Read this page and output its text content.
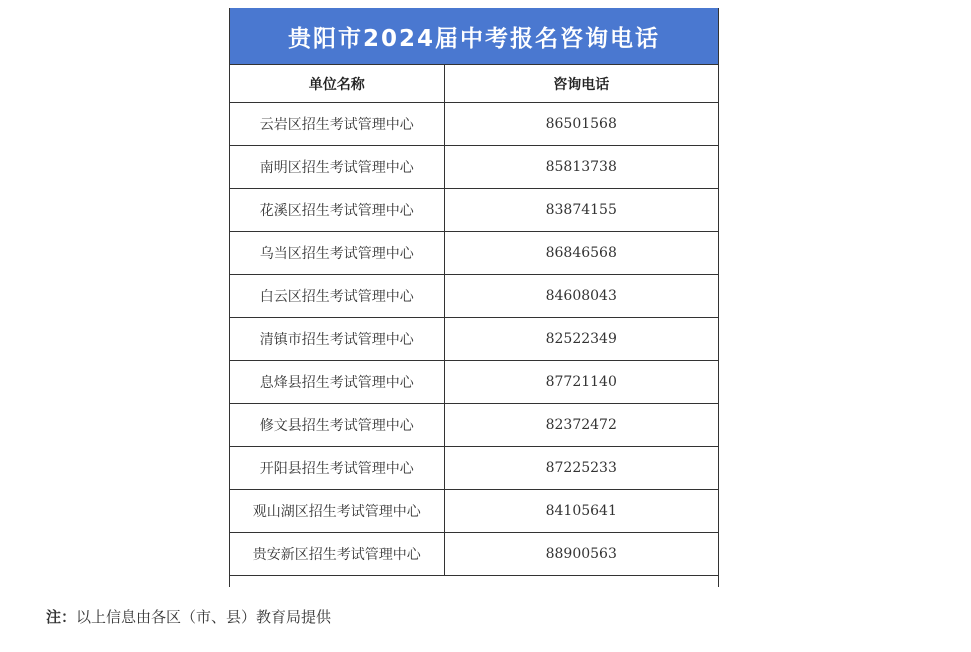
贵阳市2024届中考报名咨询电话
单位名称	咨询电话
云岩区招生考试管理中心	86501568
南明区招生考试管理中心	85813738
花溪区招生考试管理中心	83874155
乌当区招生考试管理中心	86846568
白云区招生考试管理中心	84608043
清镇市招生考试管理中心	82522349
息烽县招生考试管理中心	87721140
修文县招生考试管理中心	82372472
开阳县招生考试管理中心	87225233
观山湖区招生考试管理中心	84105641
贵安新区招生考试管理中心	88900563
注：以上信息由各区（市、县）教育局提供
